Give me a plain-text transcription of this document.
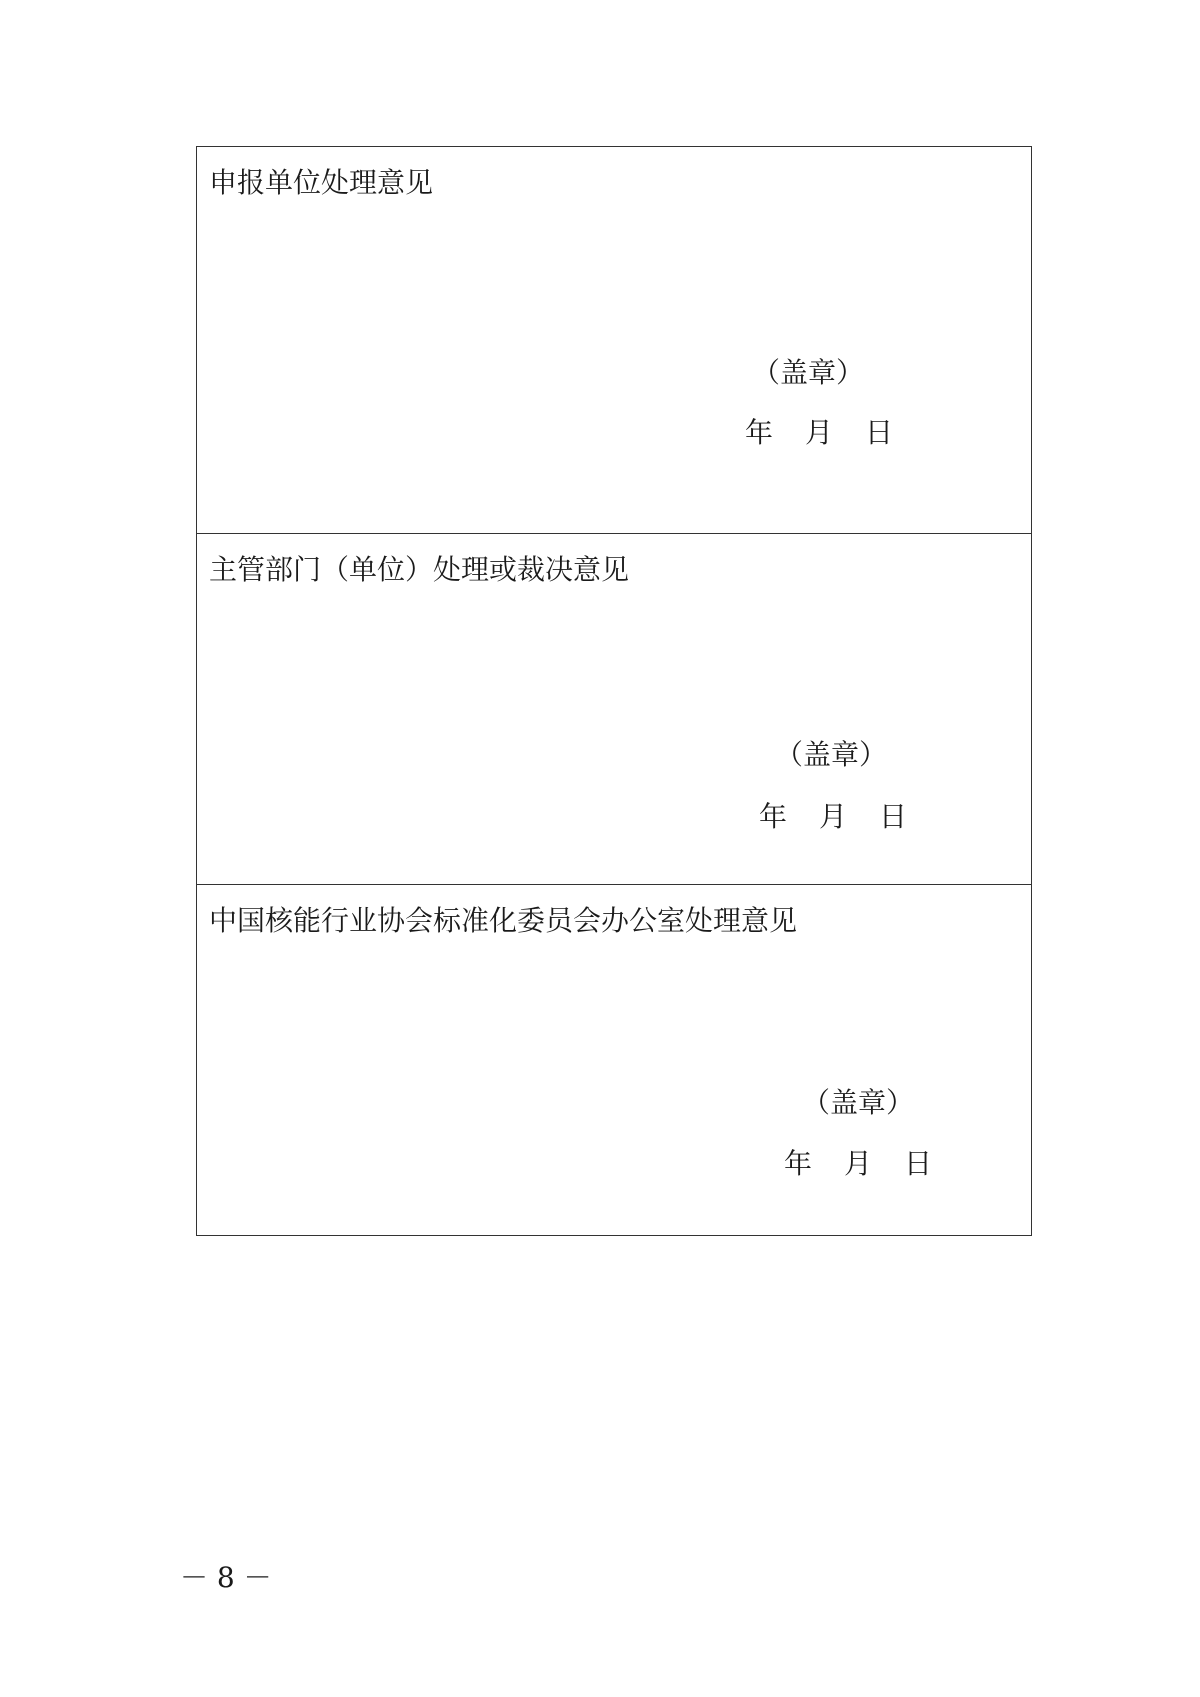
申报单位处理意见
（盖章）
年 月 日
主管部门（单位）处理或裁决意见
（盖章）
年 月 日
中国核能行业协会标准化委员会办公室处理意见
（盖章）
年 月 日
－ 8 －
